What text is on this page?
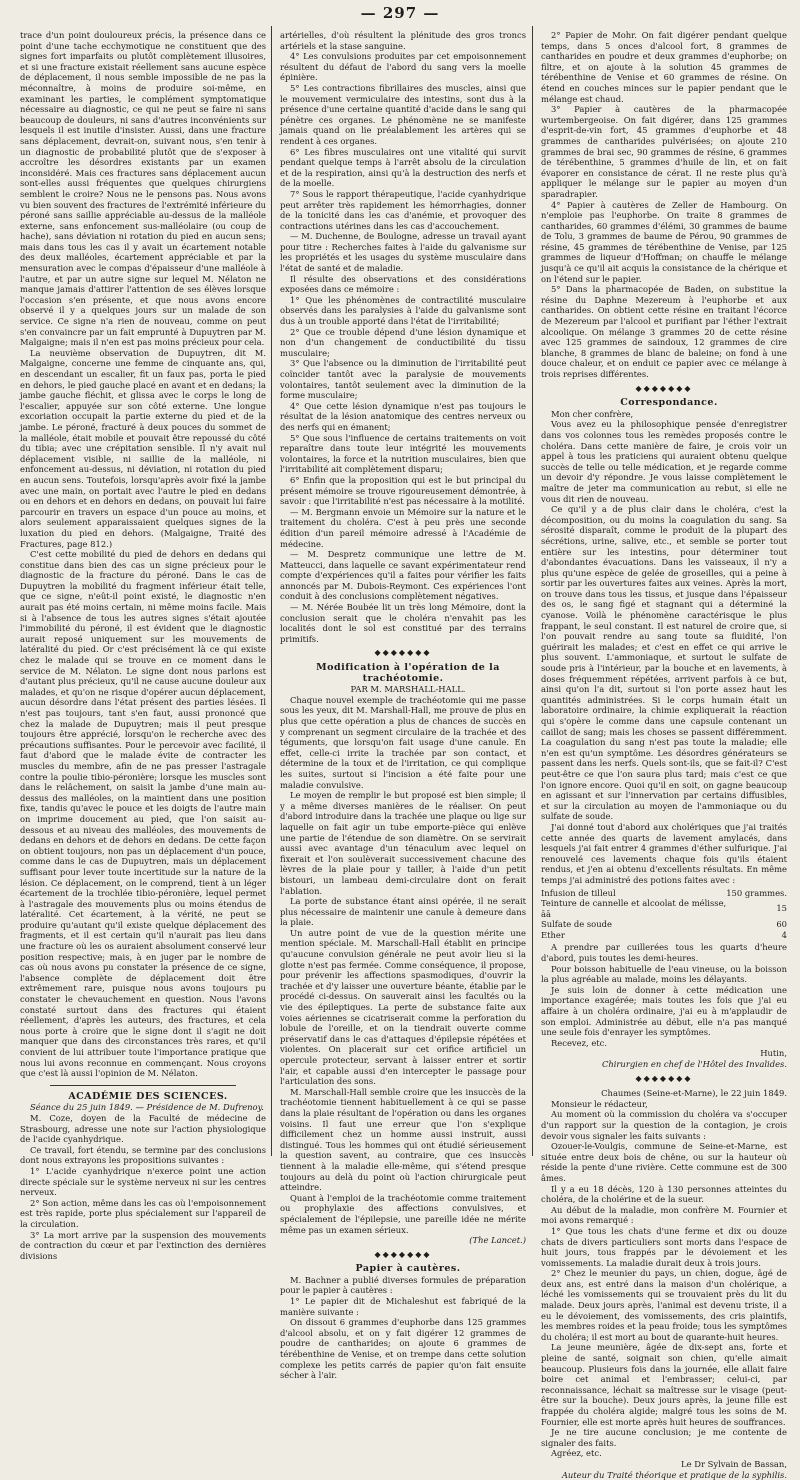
— 297 —

trace d'un point douloureux précis, la présence dans ce point d'une tache ecchymotique ne constituent que des signes fort imparfaits ou plutôt complètement illusoires, et si une fracture existait réellement sans aucune espèce de déplacement, il nous semble impossible de ne pas la méconnaître, à moins de produire soi-même, en examinant les parties, le complément symptomatique nécessaire au diagnostic, ce qui ne peut se faire ni sans beaucoup de douleurs, ni sans d'autres inconvénients sur lesquels il est inutile d'insister. Aussi, dans une fracture sans déplacement, devrait-on, suivant nous, s'en tenir à un diagnostic de probabilité plutôt que de s'exposer à accroître les désordres existants par un examen inconsidéré. Mais ces fractures sans déplacement aucun sont-elles aussi fréquentes que quelques chirurgiens semblent le croire? Nous ne le pensons pas. Nous avons vu bien souvent des fractures de l'extrémité inférieure du péroné sans saillie appréciable au-dessus de la malléole externe, sans enfoncement sus-malléolaire (ou coup de hache), sans déviation ni rotation du pied en aucun sens; mais dans tous les cas il y avait un écartement notable des deux malléoles, écartement appréciable et par la mensuration avec le compas d'épaisseur d'une malléole à l'autre, et par un autre signe sur lequel M. Nélaton ne manque jamais d'attirer l'attention de ses élèves lorsque l'occasion s'en présente, et que nous avons encore observé il y a quelques jours sur un malade de son service. Ce signe n'a rien de nouveau, comme on peut s'en convaincre par un fait emprunté à Dupuytren par M. Malgaigne; mais il n'en est pas moins précieux pour cela.

La neuvième observation de Dupuytren, dit M. Malgaigne, concerne une femme de cinquante ans, qui, en descendant un escalier, fit un faux pas, porta le pied en dehors, le pied gauche placé en avant et en dedans; la jambe gauche fléchit, et glissa avec le corps le long de l'escalier, appuyée sur son côté externe. Une longue excoriation occupait la partie externe du pied et de la jambe. Le péroné, fracturé à deux pouces du sommet de la malléole, était mobile et pouvait être repoussé du côté du tibia; avec une crépitation sensible. Il n'y avait nul déplacement visible, ni saillie de la malléole, ni enfoncement au-dessus, ni déviation, ni rotation du pied en aucun sens. Toutefois, lorsqu'après avoir fixé la jambe avec une main, on portait avec l'autre le pied en dedans ou en dehors et en dehors en dedans, on pouvait lui faire parcourir en travers un espace d'un pouce au moins, et alors seulement apparaissaient quelques signes de la luxation du pied en dehors. (Malgaigne, Traité des Fractures, page 812.)

C'est cette mobilité du pied de dehors en dedans qui constitue dans bien des cas un signe précieux pour le diagnostic de la fracture du péroné. Dans le cas de Dupuytren la mobilité du fragment inférieur était telle, que ce signe, n'eût-il point existé, le diagnostic n'en aurait pas été moins certain, ni même moins facile. Mais si à l'absence de tous les autres signes s'était ajoutée l'immobilité du péroné, il est évident que le diagnostic aurait reposé uniquement sur les mouvements de latéralité du pied. Or c'est précisément là ce qui existe chez le malade qui se trouve en ce moment dans le service de M. Nélaton. Le signe dont nous parlons est d'autant plus précieux, qu'il ne cause aucune douleur aux malades, et qu'on ne risque d'opérer aucun déplacement, aucun désordre dans l'état présent des parties lésées. Il n'est pas toujours, tant s'en faut, aussi prononcé que chez la malade de Dupuytren; mais il peut presque toujours être apprécié, lorsqu'on le recherche avec des précautions suffisantes. Pour le percevoir avec facilité, il faut d'abord que le malade évite de contracter les muscles du membre, afin de ne pas presser l'astragale contre la poulie tibio-péronière; lorsque les muscles sont dans le relâchement, on saisit la jambe d'une main au-dessus des malléoles, on la maintient dans une position fixe, tandis qu'avec le pouce et les doigts de l'autre main on imprime doucement au pied, que l'on saisit au-dessous et au niveau des malléoles, des mouvements de dedans en dehors et de dehors en dedans. De cette façon on obtient toujours, non pas un déplacement d'un pouce, comme dans le cas de Dupuytren, mais un déplacement suffisant pour lever toute incertitude sur la nature de la lésion. Ce déplacement, on le comprend, tient à un léger écartement de la trochlée tibio-péronière, lequel permet à l'astragale des mouvements plus ou moins étendus de latéralité. Cet écartement, à la vérité, ne peut se produire qu'autant qu'il existe quelque déplacement des fragments, et il est certain qu'il n'aurait pas lieu dans une fracture où les os auraient absolument conservé leur position respective; mais, à en juger par le nombre de cas où nous avons pu constater la présence de ce signe, l'absence complète de déplacement doit être extrêmement rare, puisque nous avons toujours pu constater le chevauchement en question. Nous l'avons constaté surtout dans des fractures qui étaient réellement, d'après les auteurs, des fractures, et cela nous porte à croire que le signe dont il s'agit ne doit manquer que dans des circonstances très rares, et qu'il convient de lui attribuer toute l'importance pratique que nous lui avons reconnue en commençant. Nous croyons que c'est là aussi l'opinion de M. Nélaton.

ACADÉMIE DES SCIENCES.

Séance du 25 juin 1849. — Présidence de M. Dufrenoy.

M. Coze, doyen de la Faculté de médecine de Strasbourg, adresse une note sur l'action physiologique de l'acide cyanhydrique.

Ce travail, fort étendu, se termine par des conclusions dont nous extrayons les propositions suivantes :

1° L'acide cyanhydrique n'exerce point une action directe spéciale sur le système nerveux ni sur les centres nerveux.

2° Son action, même dans les cas où l'empoisonnement est très rapide, porte plus spécialement sur l'appareil de la circulation.

3° La mort arrive par la suspension des mouvements de contraction du cœur et par l'extinction des dernières divisions

artérielles, d'où résultent la plénitude des gros troncs artériels et la stase sanguine.

4° Les convulsions produites par cet empoisonnement résultent du défaut de l'abord du sang vers la moelle épinière.

5° Les contractions fibrillaires des muscles, ainsi que le mouvement vermiculaire des intestins, sont dus à la présence d'une certaine quantité d'acide dans le sang qui pénètre ces organes. Le phénomène ne se manifeste jamais quand on lie préalablement les artères qui se rendent à ces organes.

6° Les fibres musculaires ont une vitalité qui survit pendant quelque temps à l'arrêt absolu de la circulation et de la respiration, ainsi qu'à la destruction des nerfs et de la moelle.

7° Sous le rapport thérapeutique, l'acide cyanhydrique peut arrêter très rapidement les hémorrhagies, donner de la tonicité dans les cas d'anémie, et provoquer des contractions utérines dans les cas d'accouchement.

— M. Duchenne, de Boulogne, adresse un travail ayant pour titre : Recherches faites à l'aide du galvanisme sur les propriétés et les usages du système musculaire dans l'état de santé et de maladie.

Il résulte des observations et des considérations exposées dans ce mémoire :

1° Que les phénomènes de contractilité musculaire observés dans les paralysies à l'aide du galvanisme sont dus à un trouble apporté dans l'état de l'irritabilité;

2° Que ce trouble dépend d'une lésion dynamique et non d'un changement de conductibilité du tissu musculaire;

3° Que l'absence ou la diminution de l'irritabilité peut coïncider tantôt avec la paralysie de mouvements volontaires, tantôt seulement avec la diminution de la forme musculaire;

4° Que cette lésion dynamique n'est pas toujours le résultat de la lésion anatomique des centres nerveux ou des nerfs qui en émanent;

5° Que sous l'influence de certains traitements on voit reparaître dans toute leur intégrité les mouvements volontaires, la force et la nutrition musculaires, bien que l'irritabilité ait complètement disparu;

6° Enfin que la proposition qui est le but principal du présent mémoire se trouve rigoureusement démontrée, à savoir : que l'irritabilité n'est pas nécessaire à la motilité.

— M. Bergmann envoie un Mémoire sur la nature et le traitement du choléra. C'est à peu près une seconde édition d'un pareil mémoire adressé à l'Académie de médecine.

— M. Despretz communique une lettre de M. Matteucci, dans laquelle ce savant expérimentateur rend compte d'expériences qu'il a faites pour vérifier les faits annoncés par M. Dubois-Reymont. Ces expériences l'ont conduit à des conclusions complètement négatives.

— M. Nérée Boubée lit un très long Mémoire, dont la conclusion serait que le choléra n'envahit pas les localités dont le sol est constitué par des terrains primitifs.

◆◆◆◆◆◆◆

Modification à l'opération de la trachéotomie.

PAR M. MARSHALL-HALL.

Chaque nouvel exemple de trachéotomie qui me passe sous les yeux, dit M. Marshall-Hall, me prouve de plus en plus que cette opération a plus de chances de succès en y comprenant un segment circulaire de la trachée et des téguments, que lorsqu'on fait usage d'une canule. En effet, celle-ci irrite la trachée par son contact, et détermine de la toux et de l'irritation, ce qui complique les suites, surtout si l'incision a été faite pour une maladie convulsive.

Le moyen de remplir le but proposé est bien simple; il y a même diverses manières de le réaliser. On peut d'abord introduire dans la trachée une plaque ou lige sur laquelle on fait agir un tube emporte-pièce qui enlève une partie de l'étendue de son diamètre. On se servirait aussi avec avantage d'un ténaculum avec lequel on fixerait et l'on soulèverait successivement chacune des lèvres de la plaie pour y tailler, à l'aide d'un petit bistouri, un lambeau demi-circulaire dont on ferait l'ablation.

La porte de substance étant ainsi opérée, il ne serait plus nécessaire de maintenir une canule à demeure dans la plaie.

Un autre point de vue de la question mérite une mention spéciale. M. Marschall-Hall établit en principe qu'aucune convulsion générale ne peut avoir lieu si la glotte n'est pas fermée. Comme conséquence, il propose, pour prévenir les affections spasmodiques, d'ouvrir la trachée et d'y laisser une ouverture béante, établie par le procédé ci-dessus. On sauverait ainsi les facultés ou la vie des épileptiques. La perte de substance faite aux voies aériennes se cicatriserait comme la perforation du lobule de l'oreille, et on la tiendrait ouverte comme préservatif dans le cas d'attaques d'épilepsie répétées et violentes. On placerait sur cet orifice artificiel un opercule protecteur, servant à laisser entrer et sortir l'air, et capable aussi d'en intercepter le passage pour l'articulation des sons.

M. Marschall-Hall semble croire que les insuccès de la trachéotomie tiennent habituellement à ce qui se passe dans la plaie résultant de l'opération ou dans les organes voisins. Il faut une erreur que l'on s'explique difficilement chez un homme aussi instruit, aussi distingué. Tous les hommes qui ont étudié sérieusement la question savent, au contraire, que ces insuccès tiennent à la maladie elle-même, qui s'étend presque toujours au delà du point où l'action chirurgicale peut atteindre.

Quant à l'emploi de la trachéotomie comme traitement ou prophylaxie des affections convulsives, et spécialement de l'épilepsie, une pareille idée ne mérite même pas un examen sérieux.

(The Lancet.)

◆◆◆◆◆◆◆

Papier à cautères.

M. Bachner a publié diverses formules de préparation pour le papier à cautères :

1° Le papier dit de Michaleshut est fabriqué de la manière suivante :

On dissout 6 grammes d'euphorbe dans 125 grammes d'alcool absolu, et on y fait digérer 12 grammes de poudre de cantharides; on ajoute 6 grammes de térébenthine de Venise, et on trempe dans cette solution complexe les petits carrés de papier qu'on fait ensuite sécher à l'air.

2° Papier de Mohr. On fait digérer pendant quelque temps, dans 5 onces d'alcool fort, 8 grammes de cantharides en poudre et deux grammes d'euphorbe; on filtre, et on ajoute à la solution 45 grammes de térébenthine de Venise et 60 grammes de résine. On étend en couches minces sur le papier pendant que le mélange est chaud.

3° Papier à cautères de la pharmacopée wurtembergeoise. On fait digérer, dans 125 grammes d'esprit-de-vin fort, 45 grammes d'euphorbe et 48 grammes de cantharides pulvérisées; on ajoute 210 grammes de brai sec, 90 grammes de résine, 6 grammes de térébenthine, 5 grammes d'huile de lin, et on fait évaporer en consistance de cérat. Il ne reste plus qu'à appliquer le mélange sur le papier au moyen d'un sparadrapier.

4° Papier à cautères de Zeller de Hambourg. On n'emploie pas l'euphorbe. On traite 8 grammes de cantharides, 60 grammes d'élémi, 30 grammes de baume de Tolu, 3 grammes de baume de Pérou, 90 grammes de résine, 45 grammes de térébenthine de Venise, par 125 grammes de liqueur d'Hoffman; on chauffe le mélange jusqu'à ce qu'il ait acquis la consistance de la chérique et on l'étend sur le papier.

5° Dans la pharmacopée de Baden, on substitue la résine du Daphne Mezereum à l'euphorbe et aux cantharides. On obtient cette résine en traitant l'écorce de Mezereum par l'alcool et purifiant par l'éther l'extrait alcoolique. On mélange 3 grammes 20 de cette résine avec 125 grammes de saindoux, 12 grammes de cire blanche, 8 grammes de blanc de baleine; on fond à une douce chaleur, et on enduit ce papier avec ce mélange à trois reprises différentes.

◆◆◆◆◆◆◆

Correspondance.

Mon cher confrère,

Vous avez eu la philosophique pensée d'enregistrer dans vos colonnes tous les remèdes proposés contre le choléra. Dans cette manière de faire, je crois voir un appel à tous les praticiens qui auraient obtenu quelque succès de telle ou telle médication, et je regarde comme un devoir d'y répondre. Je vous laisse complètement le maître de jeter ma communication au rebut, si elle ne vous dit rien de nouveau.

Ce qu'il y a de plus clair dans le choléra, c'est la décomposition, ou du moins la coagulation du sang. Sa sérosité disparaît, comme le produit de la plupart des sécrétions, urine, salive, etc., et semble se porter tout entière sur les intestins, pour déterminer tout d'abondantes évacuations. Dans les vaisseaux, il n'y a plus qu'une espèce de gelée de groseilles, qui a peine à sortir par les ouvertures faites aux veines. Après la mort, on trouve dans tous les tissus, et jusque dans l'épaisseur des os, le sang figé et stagnant qui a déterminé la cyanose. Voilà le phénomène caractérisque le plus frappant, le seul constant. Il est naturel de croire que, si l'on pouvait rendre au sang toute sa fluidité, l'on guérirait les malades; et c'est en effet ce qui arrive le plus souvent. L'ammoniaque, et surtout le sulfate de soude pris à l'intérieur, par la bouche et en lavements, à doses fréquemment répétées, arrivent parfois à ce but, ainsi qu'on l'a dit, surtout si l'on porte assez haut les quantités administrées. Si le corps humain était un laboratoire ordinaire, la chimie expliquerait la réaction qui s'opère le comme dans une capsule contenant un caillot de sang; mais les choses se passent différemment. La coagulation du sang n'est pas toute la maladie; elle n'en est qu'un symptôme. Les désordres générateurs se passent dans les nerfs. Quels sont-ils, que se fait-il? C'est peut-être ce que l'on saura plus tard; mais c'est ce que l'on ignore encore. Quoi qu'il en soit, on gagne beaucoup en agissant et sur l'innervation par certains diffusibles, et sur la circulation au moyen de l'ammoniaque ou du sulfate de soude.

J'ai donné tout d'abord aux cholériques que j'ai traités cette année des quarts de lavement amylacés, dans lesquels j'ai fait entrer 4 grammes d'éther sulfurique. J'ai renouvelé ces lavements chaque fois qu'ils étaient rendus, et j'en ai obtenu d'excellents résultats. En même temps j'ai administré des potions faites avec :

Infusion de tilleul	150 grammes.
Teinture de cannelle et alcoolat de mélisse, āā	15
Sulfate de soude	60
Ether	4

A prendre par cuillerées tous les quarts d'heure d'abord, puis toutes les demi-heures.

Pour boisson habituelle de l'eau vineuse, ou la boisson la plus agréable au malade, moins les délayants.

Je suis loin de donner à cette médication une importance exagérée; mais toutes les fois que j'ai eu affaire à un choléra ordinaire, j'ai eu à m'applaudir de son emploi. Administrée au début, elle n'a pas manqué une seule fois d'enrayer les symptômes.

Recevez, etc.

Hutin,

Chirurgien en chef de l'Hôtel des Invalides.

◆◆◆◆◆◆◆

Chaumes (Seine-et-Marne), le 22 juin 1849.

Monsieur le rédacteur,

Au moment où la commission du choléra va s'occuper d'un rapport sur la question de la contagion, je crois devoir vous signaler les faits suivants :

Ozouer-le-Voulgis, commune de Seine-et-Marne, est située entre deux bois de chêne, ou sur la hauteur où réside la pente d'une rivière. Cette commune est de 300 âmes.

Il y a eu 18 décès, 120 à 130 personnes atteintes du choléra, de la cholérine et de la sueur.

Au début de la maladie, mon confrère M. Fournier et moi avons remarqué :

1° Que tous les chats d'une ferme et dix ou douze chats de divers particuliers sont morts dans l'espace de huit jours, tous frappés par le dévoiement et les vomissements. La maladie durait deux à trois jours.

2° Chez le meunier du pays, un chien, dogue, âgé de deux ans, est entré dans la maison d'un cholérique, a léché les vomissements qui se trouvaient près du lit du malade. Deux jours après, l'animal est devenu triste, il a eu le dévoiement, des vomissements, des cris plaintifs, les membres roides et la peau froide; tous les symptômes du choléra; il est mort au bout de quarante-huit heures.

La jeune meunière, âgée de dix-sept ans, forte et pleine de santé, soignait son chien, qu'elle aimait beaucoup. Plusieurs fois dans la journée, elle allait faire boire cet animal et l'embrasser; celui-ci, par reconnaissance, léchait sa maîtresse sur le visage (peut-être sur la bouche). Deux jours après, la jeune fille est frappée du choléra algide; malgré tous les soins de M. Fournier, elle est morte après huit heures de souffrances.

Je ne tire aucune conclusion; je me contente de signaler des faits.

Agréez, etc.

Le Dr Sylvain de Bassan,

Auteur du Traité théorique et pratique de la syphilis.
